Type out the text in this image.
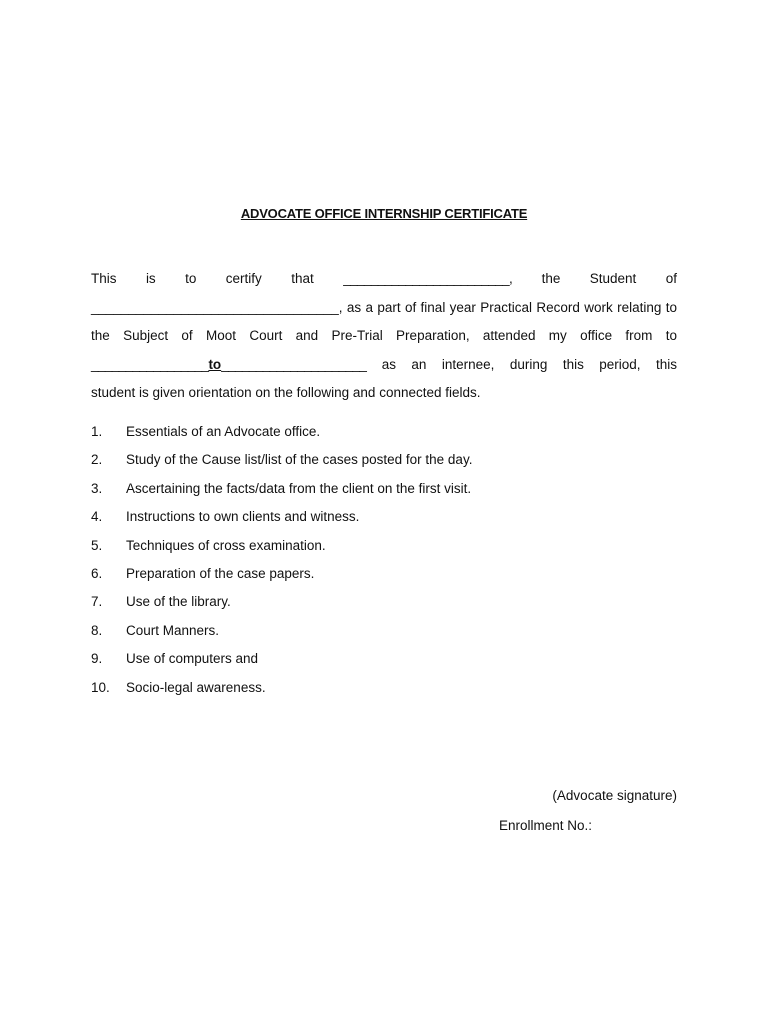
ADVOCATE OFFICE INTERNSHIP CERTIFICATE
This is to certify that ________________________, the Student of
_________________________________, as a part of final year Practical Record work relating to
the Subject of Moot Court and Pre-Trial Preparation, attended my office from to
_________________to_____________________ as an internee, during this period, this
student is given orientation on the following and connected fields.
1. Essentials of an Advocate office.
2. Study of the Cause list/list of the cases posted for the day.
3. Ascertaining the facts/data from the client on the first visit.
4. Instructions to own clients and witness.
5. Techniques of cross examination.
6. Preparation of the case papers.
7. Use of the library.
8. Court Manners.
9. Use of computers and
10. Socio-legal awareness.
(Advocate signature)
Enrollment No.:
